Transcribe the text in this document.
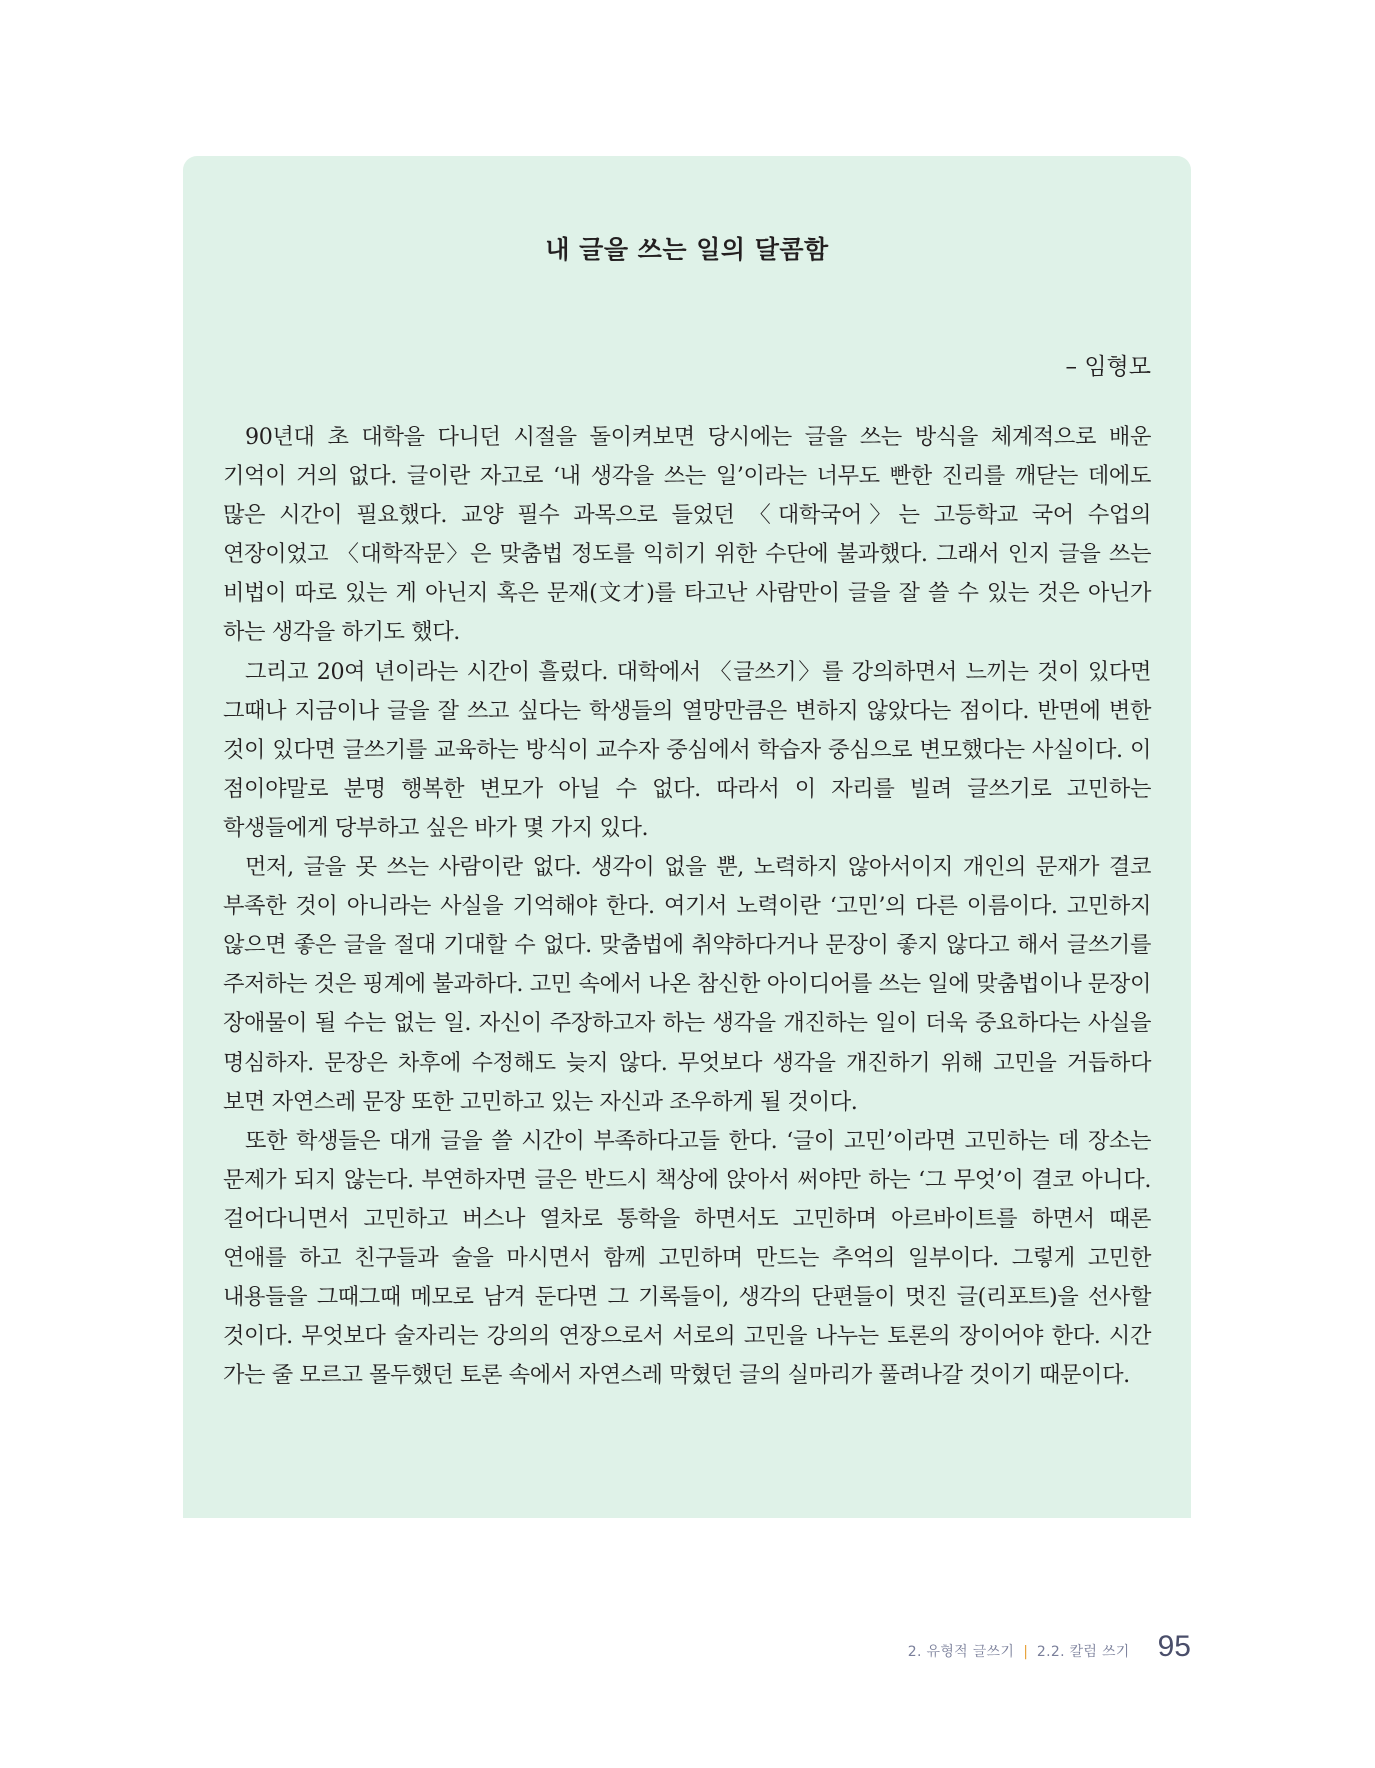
내 글을 쓰는 일의 달콤함
– 임형모

90년대 초 대학을 다니던 시절을 돌이켜보면 당시에는 글을 쓰는 방식을 체계적으로 배운 기억이 거의 없다. 글이란 자고로 ‘내 생각을 쓰는 일’이라는 너무도 빤한 진리를 깨닫는 데에도 많은 시간이 필요했다. 교양 필수 과목으로 들었던 〈대학국어〉는 고등학교 국어 수업의 연장이었고 〈대학작문〉은 맞춤법 정도를 익히기 위한 수단에 불과했다. 그래서 인지 글을 쓰는 비법이 따로 있는 게 아닌지 혹은 문재(文才)를 타고난 사람만이 글을 잘 쓸 수 있는 것은 아닌가 하는 생각을 하기도 했다.

그리고 20여 년이라는 시간이 흘렀다. 대학에서 〈글쓰기〉를 강의하면서 느끼는 것이 있다면 그때나 지금이나 글을 잘 쓰고 싶다는 학생들의 열망만큼은 변하지 않았다는 점이다. 반면에 변한 것이 있다면 글쓰기를 교육하는 방식이 교수자 중심에서 학습자 중심으로 변모했다는 사실이다. 이 점이야말로 분명 행복한 변모가 아닐 수 없다. 따라서 이 자리를 빌려 글쓰기로 고민하는 학생들에게 당부하고 싶은 바가 몇 가지 있다.

먼저, 글을 못 쓰는 사람이란 없다. 생각이 없을 뿐, 노력하지 않아서이지 개인의 문재가 결코 부족한 것이 아니라는 사실을 기억해야 한다. 여기서 노력이란 ‘고민’의 다른 이름이다. 고민하지 않으면 좋은 글을 절대 기대할 수 없다. 맞춤법에 취약하다거나 문장이 좋지 않다고 해서 글쓰기를 주저하는 것은 핑계에 불과하다. 고민 속에서 나온 참신한 아이디어를 쓰는 일에 맞춤법이나 문장이 장애물이 될 수는 없는 일. 자신이 주장하고자 하는 생각을 개진하는 일이 더욱 중요하다는 사실을 명심하자. 문장은 차후에 수정해도 늦지 않다. 무엇보다 생각을 개진하기 위해 고민을 거듭하다 보면 자연스레 문장 또한 고민하고 있는 자신과 조우하게 될 것이다.

또한 학생들은 대개 글을 쓸 시간이 부족하다고들 한다. ‘글이 고민’이라면 고민하는 데 장소는 문제가 되지 않는다. 부연하자면 글은 반드시 책상에 앉아서 써야만 하는 ‘그 무엇’이 결코 아니다. 걸어다니면서 고민하고 버스나 열차로 통학을 하면서도 고민하며 아르바이트를 하면서 때론 연애를 하고 친구들과 술을 마시면서 함께 고민하며 만드는 추억의 일부이다. 그렇게 고민한 내용들을 그때그때 메모로 남겨 둔다면 그 기록들이, 생각의 단편들이 멋진 글(리포트)을 선사할 것이다. 무엇보다 술자리는 강의의 연장으로서 서로의 고민을 나누는 토론의 장이어야 한다. 시간 가는 줄 모르고 몰두했던 토론 속에서 자연스레 막혔던 글의 실마리가 풀려나갈 것이기 때문이다.

2. 유형적 글쓰기 | 2.2. 칼럼 쓰기 95
